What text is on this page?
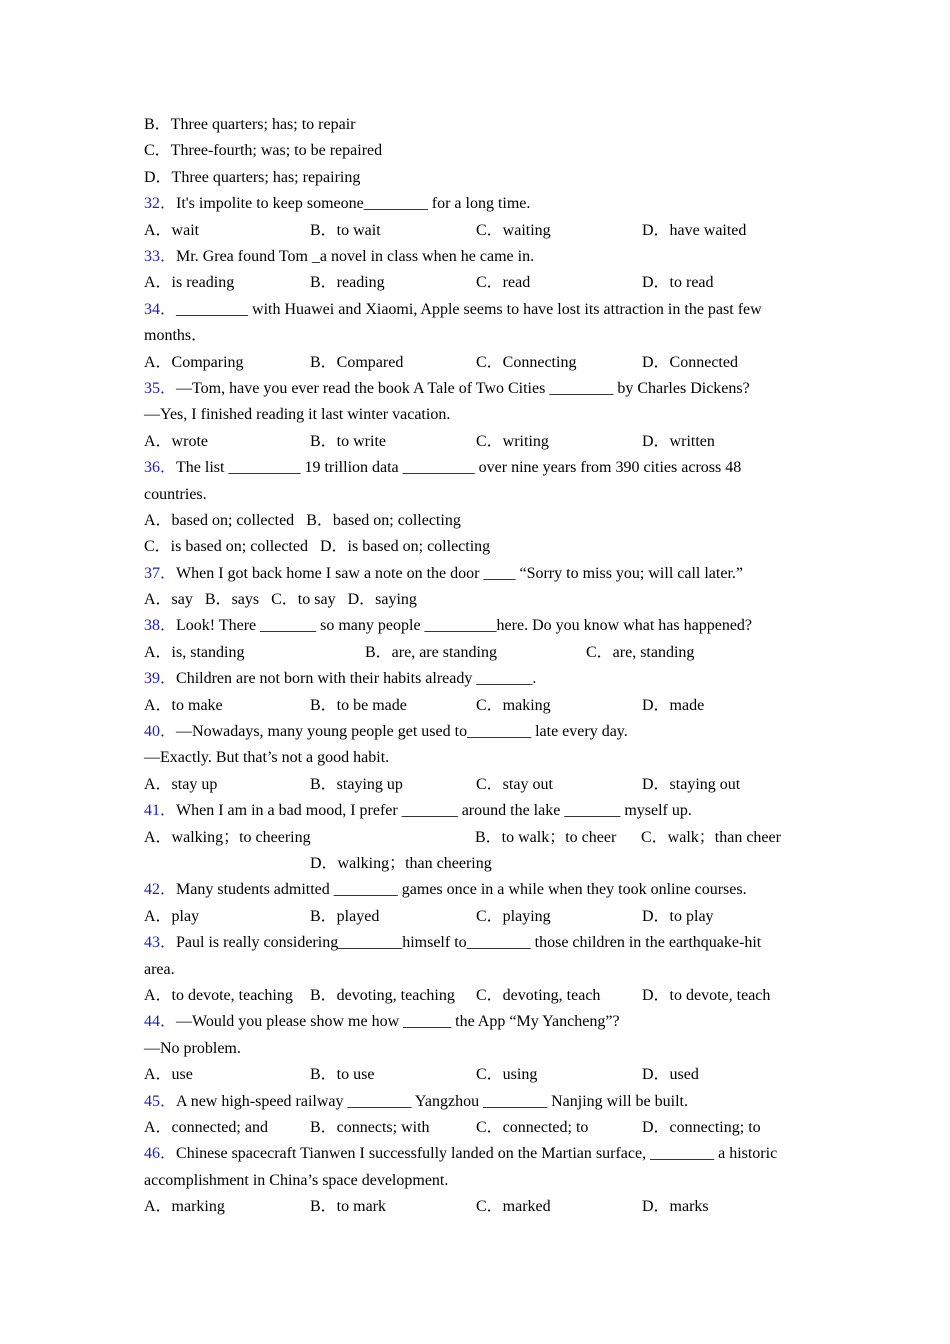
B．Three quarters; has; to repair
C．Three-fourth; was; to be repaired
D．Three quarters; has; repairing
32．It's impolite to keep someone________ for a long time.
A．wait	B．to wait	C．waiting	D．have waited
33．Mr. Grea found Tom _a novel in class when he came in.
A．is reading	B．reading	C．read	D．to read
34．_________ with Huawei and Xiaomi, Apple seems to have lost its attraction in the past few months．
A．Comparing	B．Compared	C．Connecting	D．Connected
35．—Tom, have you ever read the book A Tale of Two Cities ________ by Charles Dickens?
—Yes, I finished reading it last winter vacation.
A．wrote	B．to write	C．writing	D．written
36．The list _________ 19 trillion data _________ over nine years from 390 cities across 48 countries.
A．based on; collected B．based on; collecting
C．is based on; collected D．is based on; collecting
37．When I got back home I saw a note on the door ____ “Sorry to miss you; will call later.”
A．say B．says C．to say D．saying
38．Look! There _______ so many people _________here. Do you know what has happened?
A．is, standing	B．are, are standing	C．are, standing
39．Children are not born with their habits already _______.
A．to make	B．to be made	C．making	D．made
40．—Nowadays, many young people get used to________ late every day.
—Exactly. But that’s not a good habit.
A．stay up	B．staying up	C．stay out	D．staying out
41．When I am in a bad mood, I prefer _______ around the lake _______ myself up.
A．walking；to cheering	B．to walk；to cheer	C．walk；than cheer
D．walking；than cheering
42．Many students admitted ________ games once in a while when they took online courses.
A．play	B．played	C．playing	D．to play
43．Paul is really considering________himself to________ those children in the earthquake-hit area.
A．to devote, teaching	B．devoting, teaching	C．devoting, teach	D．to devote, teach
44．—Would you please show me how ______ the App “My Yancheng”?
—No problem.
A．use	B．to use	C．using	D．used
45．A new high-speed railway ________ Yangzhou ________ Nanjing will be built.
A．connected; and	B．connects; with	C．connected; to	D．connecting; to
46．Chinese spacecraft Tianwen I successfully landed on the Martian surface, ________ a historic accomplishment in China’s space development.
A．marking	B．to mark	C．marked	D．marks
